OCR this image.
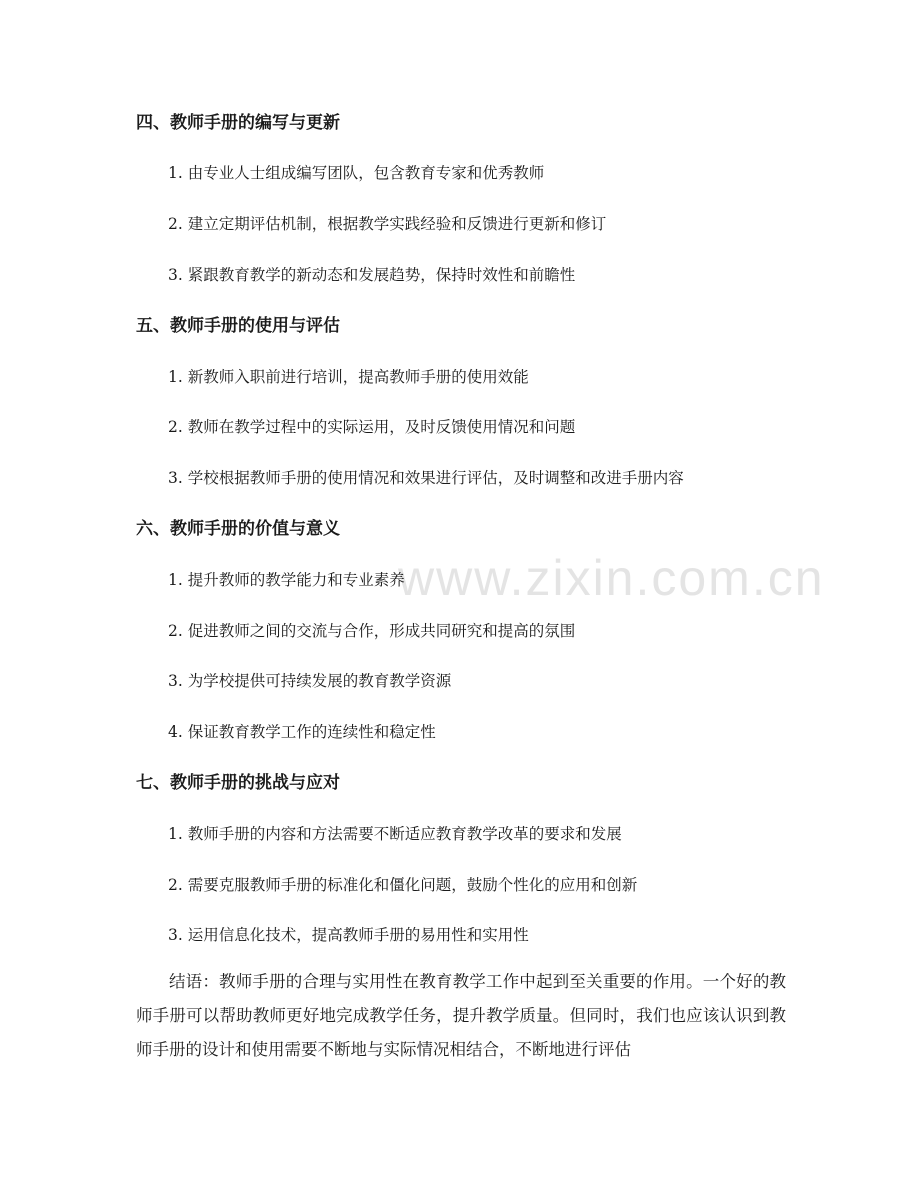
www.zixin.com.cn
四、教师手册的编写与更新
1. 由专业人士组成编写团队，包含教育专家和优秀教师
2. 建立定期评估机制，根据教学实践经验和反馈进行更新和修订
3. 紧跟教育教学的新动态和发展趋势，保持时效性和前瞻性
五、教师手册的使用与评估
1. 新教师入职前进行培训，提高教师手册的使用效能
2. 教师在教学过程中的实际运用，及时反馈使用情况和问题
3. 学校根据教师手册的使用情况和效果进行评估，及时调整和改进手册内容
六、教师手册的价值与意义
1. 提升教师的教学能力和专业素养
2. 促进教师之间的交流与合作，形成共同研究和提高的氛围
3. 为学校提供可持续发展的教育教学资源
4. 保证教育教学工作的连续性和稳定性
七、教师手册的挑战与应对
1. 教师手册的内容和方法需要不断适应教育教学改革的要求和发展
2. 需要克服教师手册的标准化和僵化问题，鼓励个性化的应用和创新
3. 运用信息化技术，提高教师手册的易用性和实用性

结语：教师手册的合理与实用性在教育教学工作中起到至关重要的作用。一个好的教师手册可以帮助教师更好地完成教学任务，提升教学质量。但同时，我们也应该认识到教师手册的设计和使用需要不断地与实际情况相结合，不断地进行评估
